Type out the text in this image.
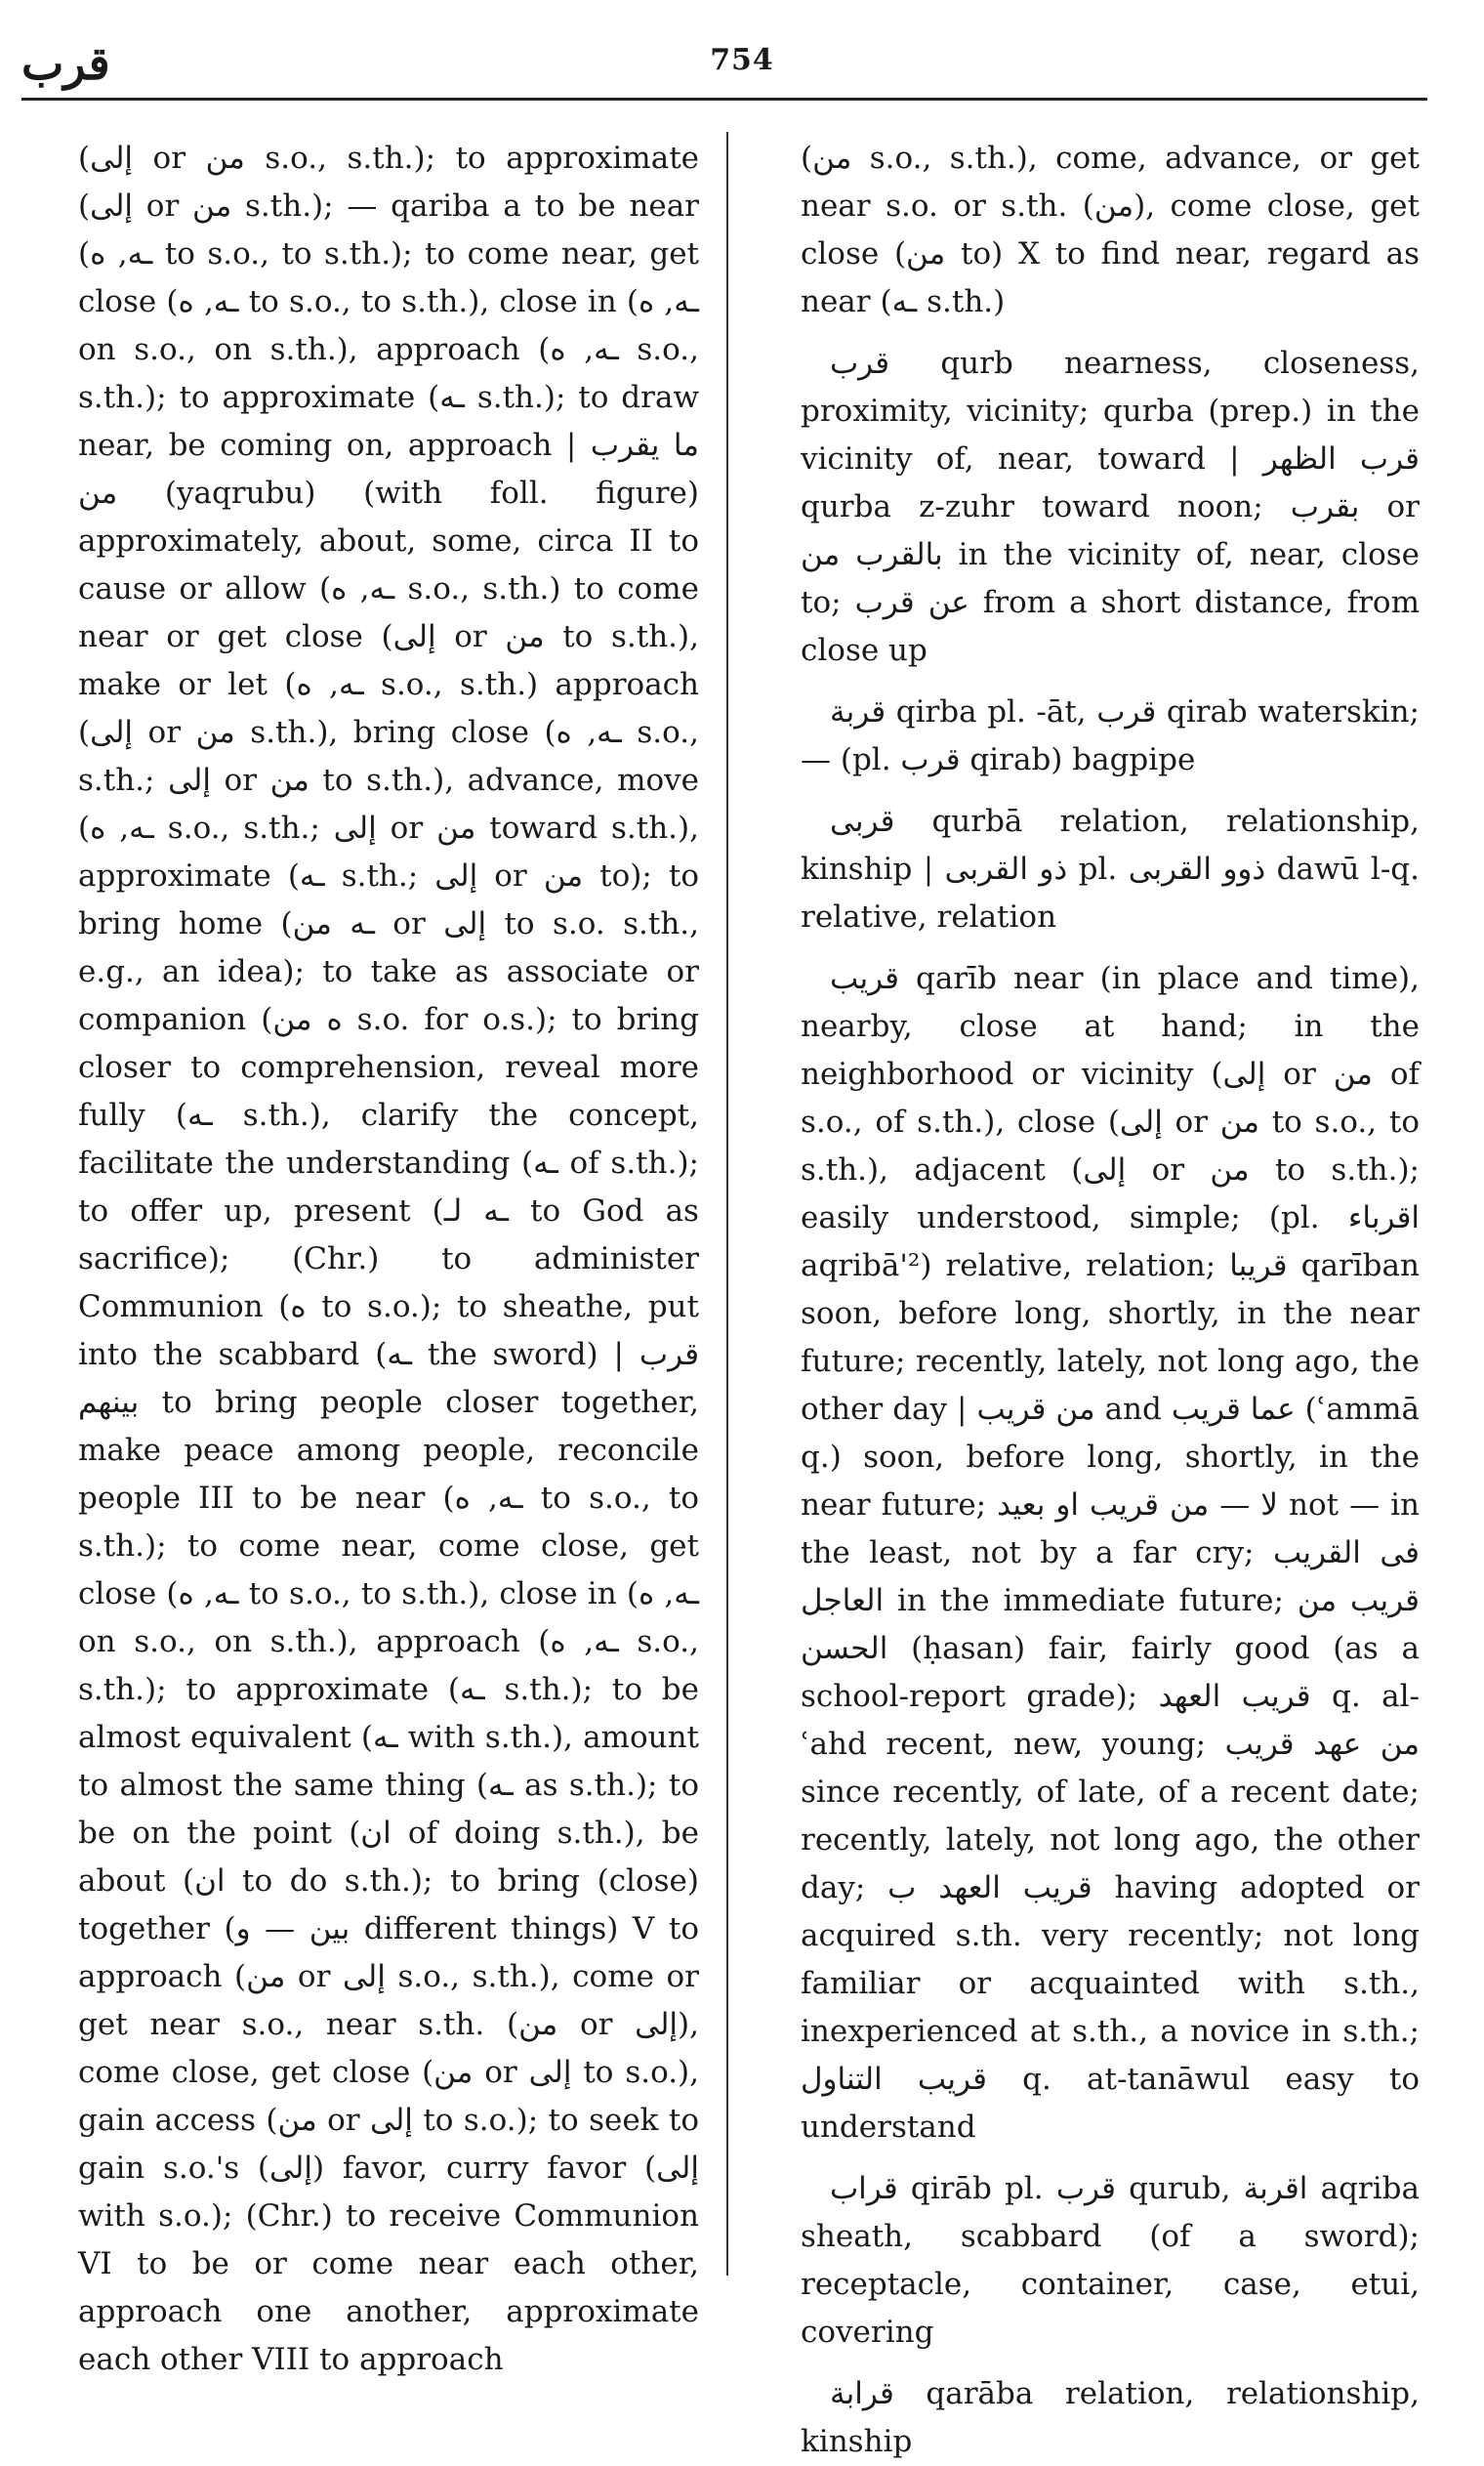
قرب	754

(إلى or من s.o., s.th.); to approximate (إلى or من s.th.); — qariba a to be near (ـه, ه to s.o., to s.th.); to come near, get close (ـه, ه to s.o., to s.th.), close in (ـه, ه on s.o., on s.th.), approach (ـه, ه s.o., s.th.); to approximate (ـه s.th.); to draw near, be coming on, approach | ما يقرب من (yaqrubu) (with foll. figure) approximately, about, some, circa II to cause or allow (ـه, ه s.o., s.th.) to come near or get close (إلى or من to s.th.), make or let (ـه, ه s.o., s.th.) approach (إلى or من s.th.), bring close (ـه, ه s.o., s.th.; إلى or من to s.th.), advance, move (ـه, ه s.o., s.th.; إلى or من toward s.th.), approximate (ـه s.th.; إلى or من to); to bring home (ـه من or إلى to s.o. s.th., e.g., an idea); to take as associate or companion (ه من s.o. for o.s.); to bring closer to comprehension, reveal more fully (ـه s.th.), clarify the concept, facilitate the understanding (ـه of s.th.); to offer up, present (ـه لـ to God as sacrifice); (Chr.) to administer Communion (ه to s.o.); to sheathe, put into the scabbard (ـه the sword) | قرب بينهم to bring people closer together, make peace among people, reconcile people III to be near (ـه, ه to s.o., to s.th.); to come near, come close, get close (ـه, ه to s.o., to s.th.), close in (ـه, ه on s.o., on s.th.), approach (ـه, ه s.o., s.th.); to approximate (ـه s.th.); to be almost equivalent (ـه with s.th.), amount to almost the same thing (ـه as s.th.); to be on the point (ان of doing s.th.), be about (ان to do s.th.); to bring (close) together (بين — و different things) V to approach (من or إلى s.o., s.th.), come or get near s.o., near s.th. (من or إلى), come close, get close (من or إلى to s.o.), gain access (من or إلى to s.o.); to seek to gain s.o.'s (إلى) favor, curry favor (إلى with s.o.); (Chr.) to receive Communion VI to be or come near each other, approach one another, approximate each other VIII to approach

(من s.o., s.th.), come, advance, or get near s.o. or s.th. (من), come close, get close (من to) X to find near, regard as near (ـه s.th.)

قرب qurb nearness, closeness, proximity, vicinity; qurba (prep.) in the vicinity of, near, toward | قرب الظهر qurba z-zuhr toward noon; بقرب or بالقرب من in the vicinity of, near, close to; عن قرب from a short distance, from close up

قربة qirba pl. -āt, قرب qirab waterskin; — (pl. قرب qirab) bagpipe

قربى qurbā relation, relationship, kinship | ذو القربى pl. ذوو القربى dawū l-q. relative, relation

قريب qarīb near (in place and time), nearby, close at hand; in the neighborhood or vicinity (إلى or من of s.o., of s.th.), close (إلى or من to s.o., to s.th.), adjacent (إلى or من to s.th.); easily understood, simple; (pl. اقرباء aqribā'²) relative, relation; قريبا qarīban soon, before long, shortly, in the near future; recently, lately, not long ago, the other day | من قريب and عما قريب (ʿammā q.) soon, before long, shortly, in the near future; لا — من قريب او بعيد not — in the least, not by a far cry; فى القريب العاجل in the immediate future; قريب من الحسن (ḥasan) fair, fairly good (as a school-report grade); قريب العهد q. al-ʿahd recent, new, young; من عهد قريب since recently, of late, of a recent date; recently, lately, not long ago, the other day; قريب العهد ب having adopted or acquired s.th. very recently; not long familiar or acquainted with s.th., inexperienced at s.th., a novice in s.th.; قريب التناول q. at-tanāwul easy to understand

قراب qirāb pl. قرب qurub, اقربة aqriba sheath, scabbard (of a sword); receptacle, container, case, etui, covering

قرابة qarāba relation, relationship, kinship
